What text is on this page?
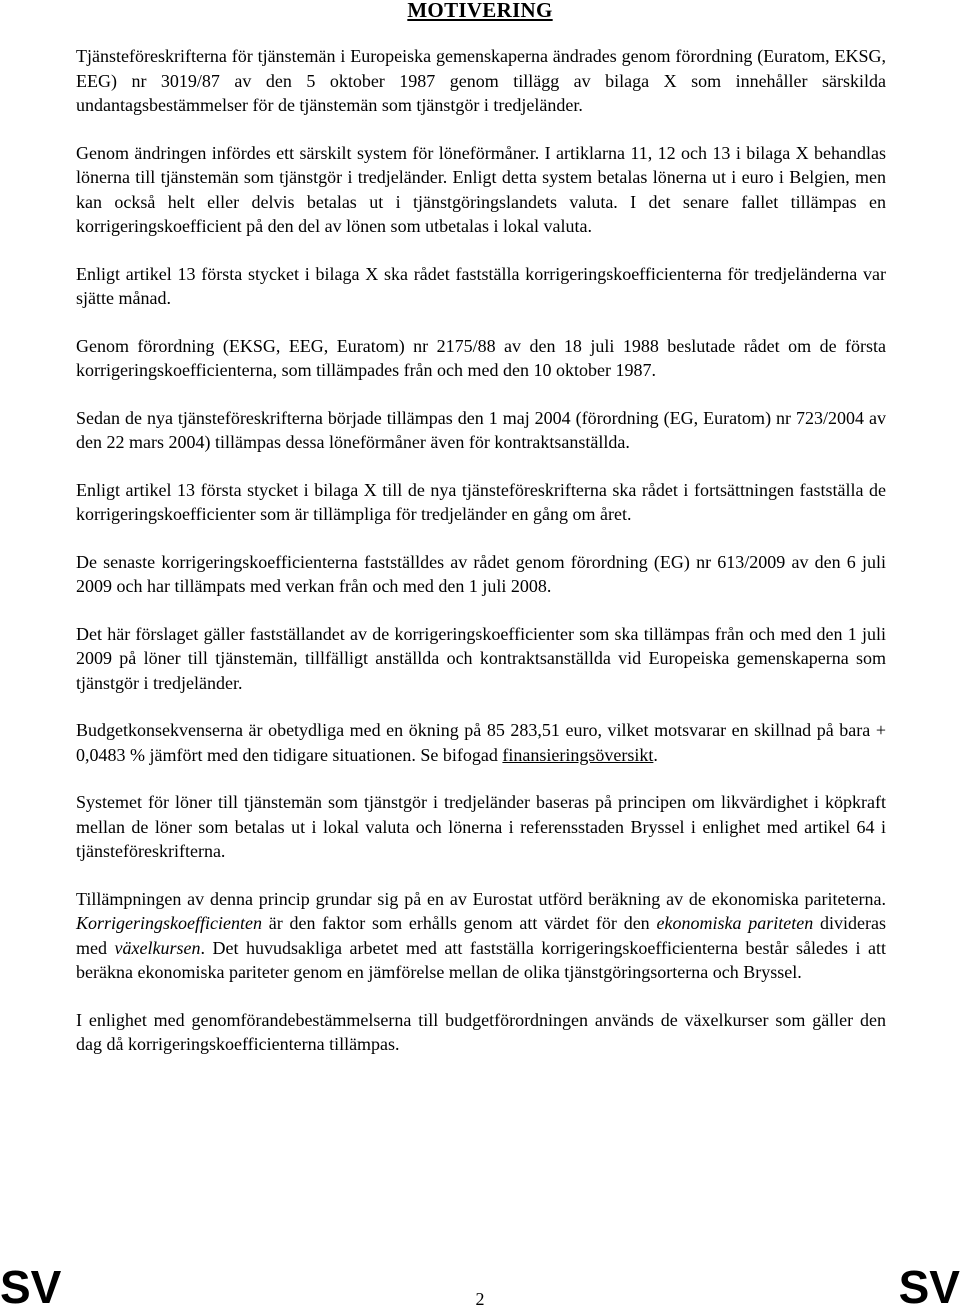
MOTIVERING

Tjänsteföreskrifterna för tjänstemän i Europeiska gemenskaperna ändrades genom förordning (Euratom, EKSG, EEG) nr 3019/87 av den 5 oktober 1987 genom tillägg av bilaga X som innehåller särskilda undantagsbestämmelser för de tjänstemän som tjänstgör i tredjeländer.

Genom ändringen infördes ett särskilt system för löneförmåner. I artiklarna 11, 12 och 13 i bilaga X behandlas lönerna till tjänstemän som tjänstgör i tredjeländer. Enligt detta system betalas lönerna ut i euro i Belgien, men kan också helt eller delvis betalas ut i tjänstgöringslandets valuta. I det senare fallet tillämpas en korrigeringskoefficient på den del av lönen som utbetalas i lokal valuta.

Enligt artikel 13 första stycket i bilaga X ska rådet fastställa korrigeringskoefficienterna för tredjeländerna var sjätte månad.

Genom förordning (EKSG, EEG, Euratom) nr 2175/88 av den 18 juli 1988 beslutade rådet om de första korrigeringskoefficienterna, som tillämpades från och med den 10 oktober 1987.

Sedan de nya tjänsteföreskrifterna började tillämpas den 1 maj 2004 (förordning (EG, Euratom) nr 723/2004 av den 22 mars 2004) tillämpas dessa löneförmåner även för kontraktsanställda.

Enligt artikel 13 första stycket i bilaga X till de nya tjänsteföreskrifterna ska rådet i fortsättningen fastställa de korrigeringskoefficienter som är tillämpliga för tredjeländer en gång om året.

De senaste korrigeringskoefficienterna fastställdes av rådet genom förordning (EG) nr 613/2009 av den 6 juli 2009 och har tillämpats med verkan från och med den 1 juli 2008.

Det här förslaget gäller fastställandet av de korrigeringskoefficienter som ska tillämpas från och med den 1 juli 2009 på löner till tjänstemän, tillfälligt anställda och kontraktsanställda vid Europeiska gemenskaperna som tjänstgör i tredjeländer.

Budgetkonsekvenserna är obetydliga med en ökning på 85 283,51 euro, vilket motsvarar en skillnad på bara + 0,0483 % jämfört med den tidigare situationen. Se bifogad finansieringsöversikt.

Systemet för löner till tjänstemän som tjänstgör i tredjeländer baseras på principen om likvärdighet i köpkraft mellan de löner som betalas ut i lokal valuta och lönerna i referensstaden Bryssel i enlighet med artikel 64 i tjänsteföreskrifterna.

Tillämpningen av denna princip grundar sig på en av Eurostat utförd beräkning av de ekonomiska pariteterna. Korrigeringskoefficienten är den faktor som erhålls genom att värdet för den ekonomiska pariteten divideras med växelkursen. Det huvudsakliga arbetet med att fastställa korrigeringskoefficienterna består således i att beräkna ekonomiska pariteter genom en jämförelse mellan de olika tjänstgöringsorterna och Bryssel.

I enlighet med genomförandebestämmelserna till budgetförordningen används de växelkurser som gäller den dag då korrigeringskoefficienterna tillämpas.

SV	2	SV
